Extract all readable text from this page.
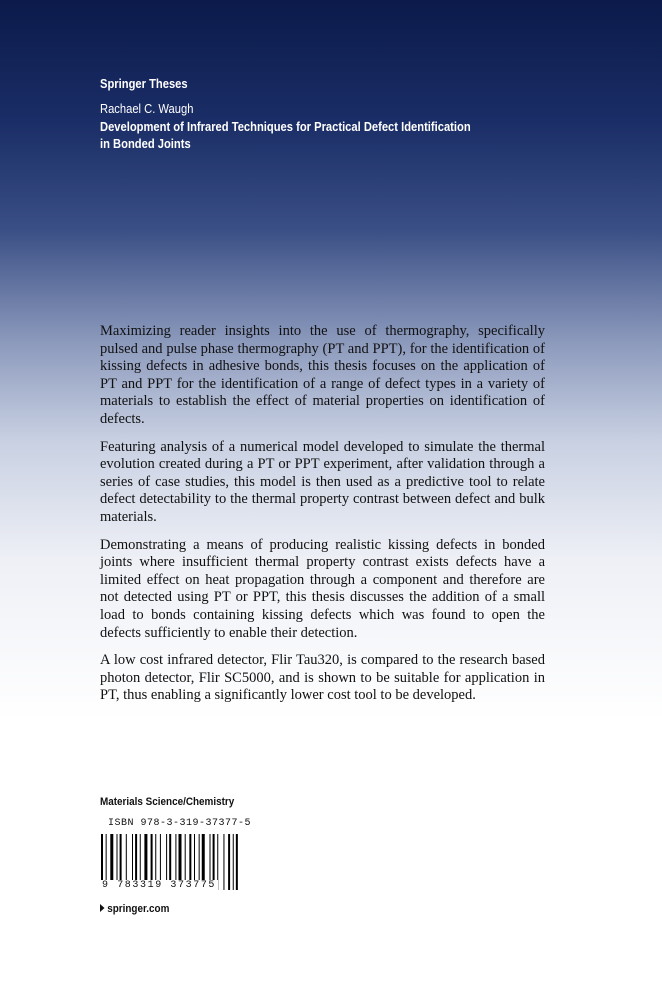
Springer Theses
Rachael C. Waugh
Development of Infrared Techniques for Practical Defect Identification
in Bonded Joints

Maximizing reader insights into the use of thermography, specifically pulsed and pulse phase thermography (PT and PPT), for the identification of kissing defects in adhesive bonds, this thesis focuses on the application of PT and PPT for the identification of a range of defect types in a variety of materials to establish the effect of material properties on identification of defects.

Featuring analysis of a numerical model developed to simulate the thermal evolution created during a PT or PPT experiment, after validation through a series of case studies, this model is then used as a predictive tool to relate defect detectability to the thermal property contrast between defect and bulk materials.

Demonstrating a means of producing realistic kissing defects in bonded joints where insufficient thermal property contrast exists defects have a limited effect on heat propagation through a component and therefore are not detected using PT or PPT, this thesis discusses the addition of a small load to bonds containing kissing defects which was found to open the defects sufficiently to enable their detection.

A low cost infrared detector, Flir Tau320, is compared to the research based photon detector, Flir SC5000, and is shown to be suitable for application in PT, thus enabling a significantly lower cost tool to be developed.

Materials Science/Chemistry
ISBN 978-3-319-37377-5
9 783319 373775
springer.com
